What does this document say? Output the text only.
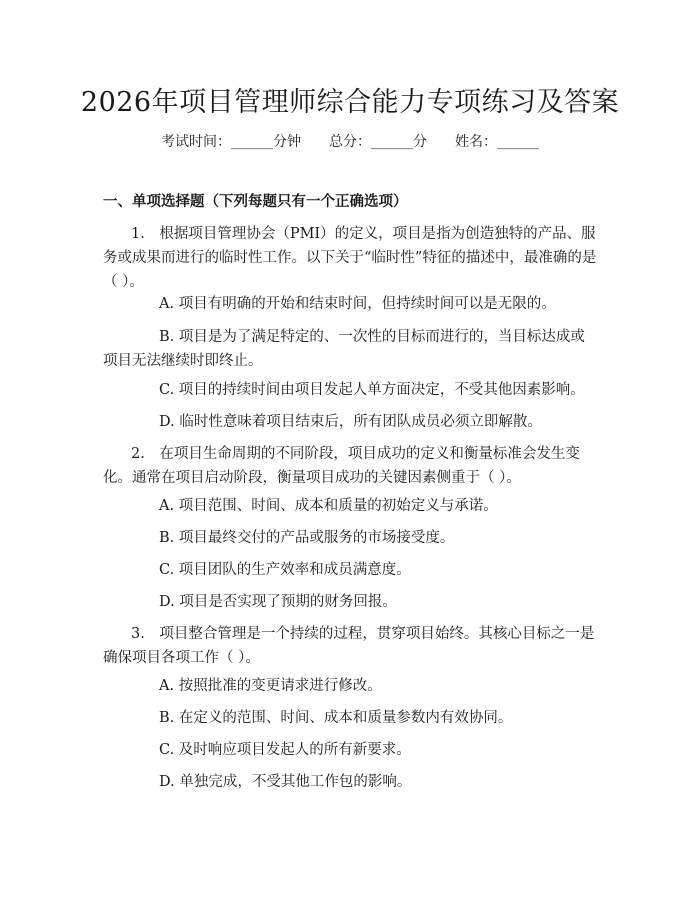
2026年项目管理师综合能力专项练习及答案
考试时间：______分钟 总分：______分 姓名：______
一、单项选择题（下列每题只有一个正确选项）

1.　根据项目管理协会（PMI）的定义，项目是指为创造独特的产品、服务或成果而进行的临时性工作。以下关于“临时性”特征的描述中，最准确的是（ ）。

A. 项目有明确的开始和结束时间，但持续时间可以是无限的。

B. 项目是为了满足特定的、一次性的目标而进行的，当目标达成或项目无法继续时即终止。

C. 项目的持续时间由项目发起人单方面决定，不受其他因素影响。

D. 临时性意味着项目结束后，所有团队成员必须立即解散。

2.　在项目生命周期的不同阶段，项目成功的定义和衡量标准会发生变化。通常在项目启动阶段，衡量项目成功的关键因素侧重于（ ）。

A. 项目范围、时间、成本和质量的初始定义与承诺。

B. 项目最终交付的产品或服务的市场接受度。

C. 项目团队的生产效率和成员满意度。

D. 项目是否实现了预期的财务回报。

3.　项目整合管理是一个持续的过程，贯穿项目始终。其核心目标之一是确保项目各项工作（ ）。

A. 按照批准的变更请求进行修改。

B. 在定义的范围、时间、成本和质量参数内有效协同。

C. 及时响应项目发起人的所有新要求。

D. 单独完成，不受其他工作包的影响。
